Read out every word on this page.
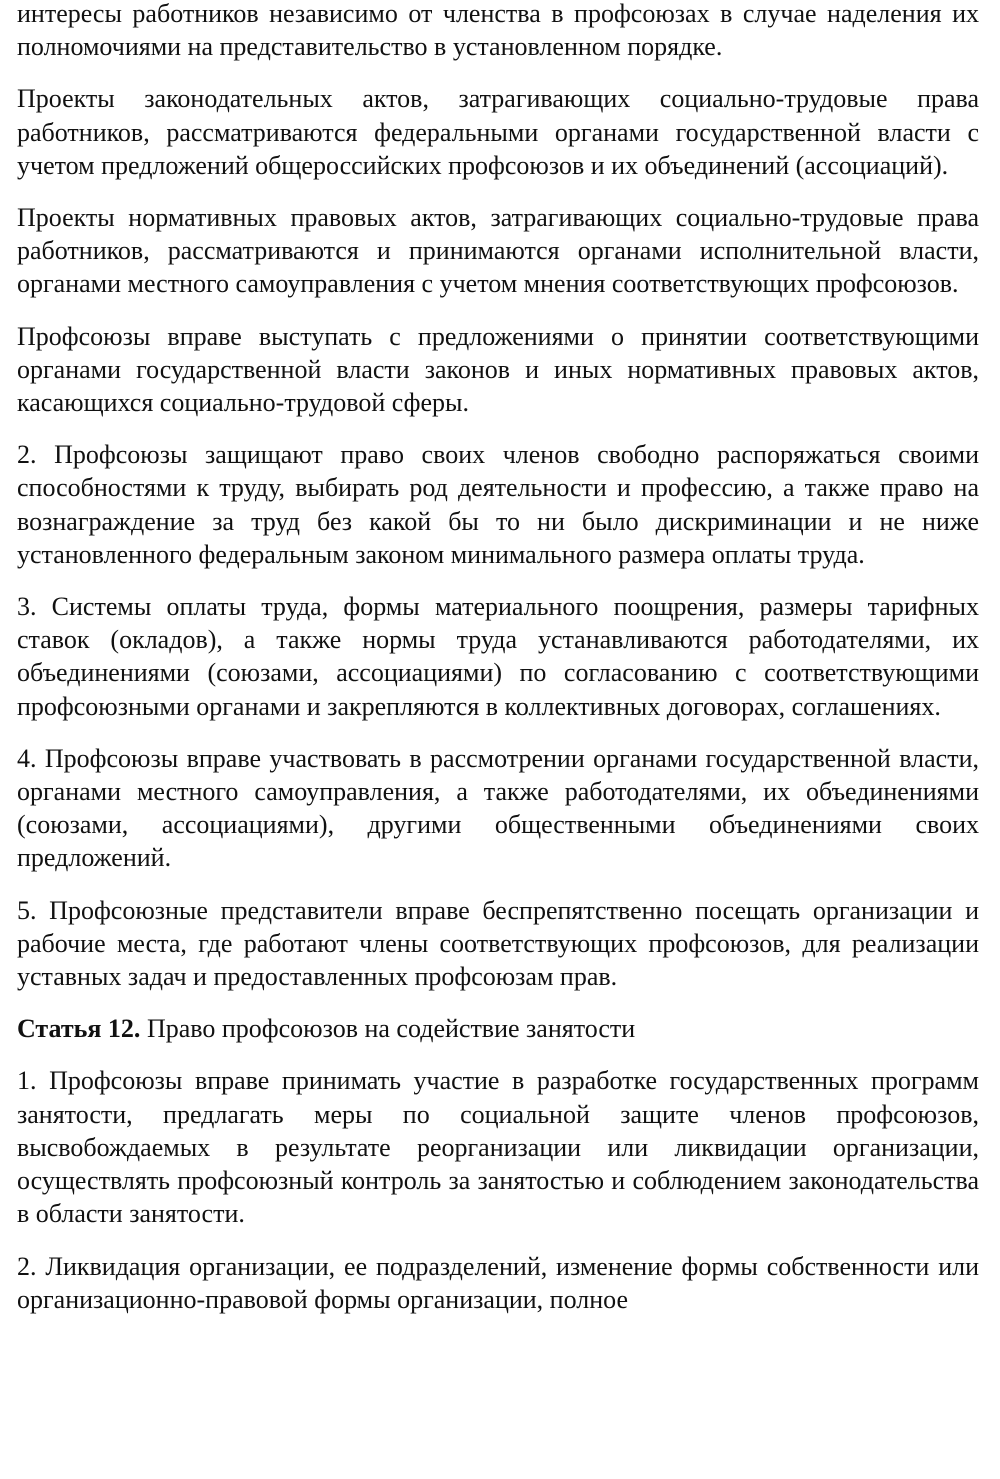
интересы работников независимо от членства в профсоюзах в случае наделения их полномочиями на представительство в установленном порядке.

Проекты законодательных актов, затрагивающих социально-трудовые права работников, рассматриваются федеральными органами государственной власти с учетом предложений общероссийских профсоюзов и их объединений (ассоциаций).

Проекты нормативных правовых актов, затрагивающих социально-трудовые права работников, рассматриваются и принимаются органами исполнительной власти, органами местного самоуправления с учетом мнения соответствующих профсоюзов.

Профсоюзы вправе выступать с предложениями о принятии соответствующими органами государственной власти законов и иных нормативных правовых актов, касающихся социально-трудовой сферы.

2. Профсоюзы защищают право своих членов свободно распоряжаться своими способностями к труду, выбирать род деятельности и профессию, а также право на вознаграждение за труд без какой бы то ни было дискриминации и не ниже установленного федеральным законом минимального размера оплаты труда.

3. Системы оплаты труда, формы материального поощрения, размеры тарифных ставок (окладов), а также нормы труда устанавливаются работодателями, их объединениями (союзами, ассоциациями) по согласованию с соответствующими профсоюзными органами и закрепляются в коллективных договорах, соглашениях.

4. Профсоюзы вправе участвовать в рассмотрении органами государственной власти, органами местного самоуправления, а также работодателями, их объединениями (союзами, ассоциациями), другими общественными объединениями своих предложений.

5. Профсоюзные представители вправе беспрепятственно посещать организации и рабочие места, где работают члены соответствующих профсоюзов, для реализации уставных задач и предоставленных профсоюзам прав.

Статья 12. Право профсоюзов на содействие занятости

1. Профсоюзы вправе принимать участие в разработке государственных программ занятости, предлагать меры по социальной защите членов профсоюзов, высвобождаемых в результате реорганизации или ликвидации организации, осуществлять профсоюзный контроль за занятостью и соблюдением законодательства в области занятости.

2. Ликвидация организации, ее подразделений, изменение формы собственности или организационно-правовой формы организации, полное
